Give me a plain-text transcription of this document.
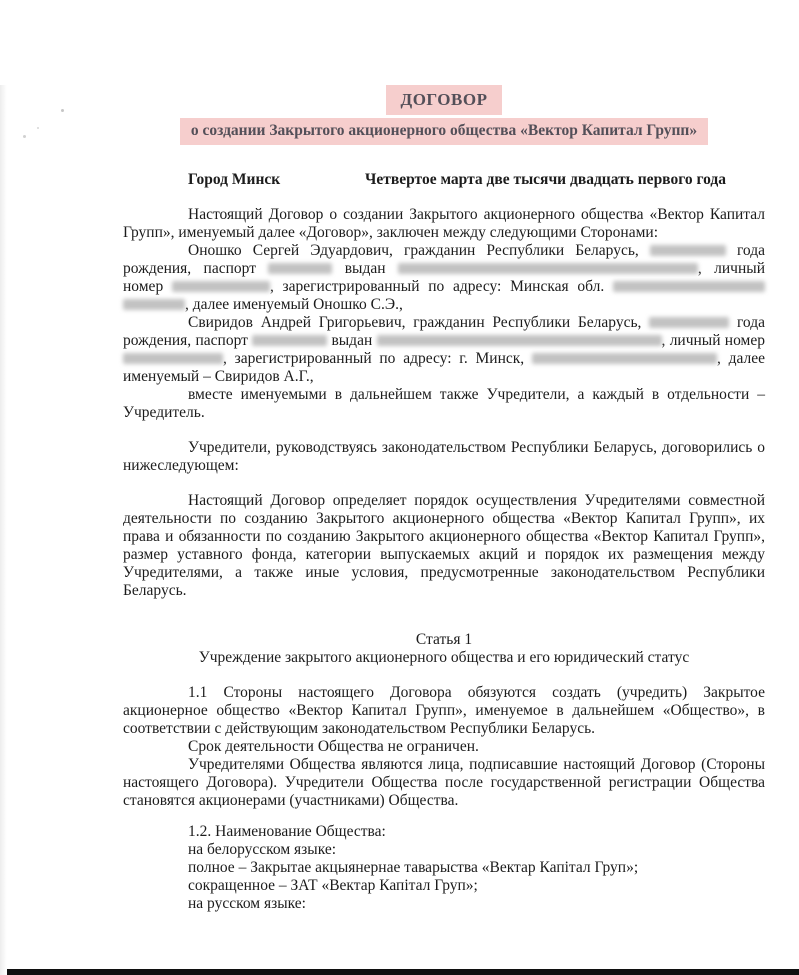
ДОГОВОР
о создании Закрытого акционерного общества «Вектор Капитал Групп»
Город Минск	Четвертое марта две тысячи двадцать первого года

Настоящий Договор о создании Закрытого акционерного общества «Вектор Капитал Групп», именуемый далее «Договор», заключен между следующими Сторонами:

Оношко Сергей Эдуардович, гражданин Республики Беларусь,	года рождения, паспорт	выдан	, личный номер	, зарегистрированный по адресу: Минская обл.  , далее именуемый Оношко С.Э.,

Свиридов Андрей Григорьевич, гражданин Республики Беларусь,	года рождения, паспорт	выдан	, личный номер , зарегистрированный по адресу: г. Минск,	, далее именуемый – Свиридов А.Г.,

вместе именуемыми в дальнейшем также Учредители, а каждый в отдельности – Учредитель.

Учредители, руководствуясь законодательством Республики Беларусь, договорились о нижеследующем:

Настоящий Договор определяет порядок осуществления Учредителями совместной деятельности по созданию Закрытого акционерного общества «Вектор Капитал Групп», их права и обязанности по созданию Закрытого акционерного общества «Вектор Капитал Групп», размер уставного фонда, категории выпускаемых акций и порядок их размещения между Учредителями, а также иные условия, предусмотренные законодательством Республики Беларусь.

Статья 1

Учреждение закрытого акционерного общества и его юридический статус

1.1 Стороны настоящего Договора обязуются создать (учредить) Закрытое акционерное общество «Вектор Капитал Групп», именуемое в дальнейшем «Общество», в соответствии с действующим законодательством Республики Беларусь.

Срок деятельности Общества не ограничен.

Учредителями Общества являются лица, подписавшие настоящий Договор (Стороны настоящего Договора). Учредители Общества после государственной регистрации Общества становятся акционерами (участниками) Общества.

1.2. Наименование Общества:

на белорусском языке:

полное – Закрытае акцыянернае таварыства «Вектар Капітал Груп»;

сокращенное – ЗАТ «Вектар Капітал Груп»;

на русском языке:
